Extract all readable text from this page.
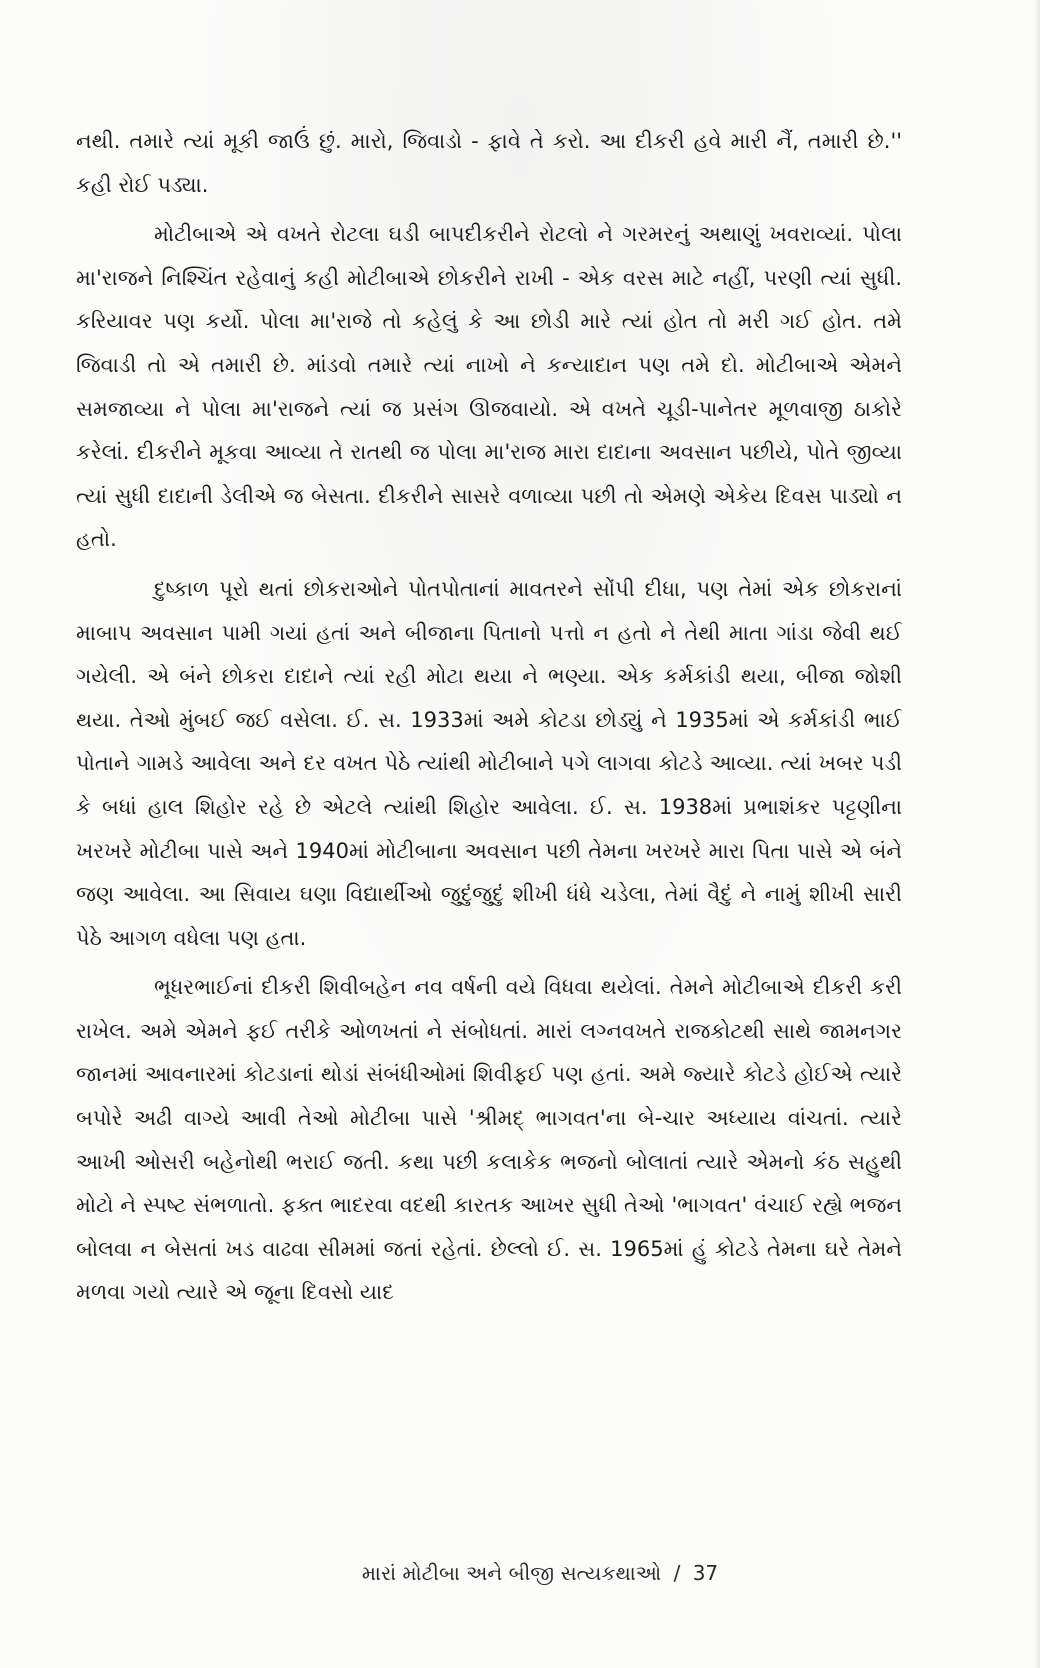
નથી. તમારે ત્યાં મૂકી જાઉં છું. મારો, જિવાડો - ફાવે તે કરો. આ દીકરી હવે મારી નૈં, તમારી છે.'' કહી રોઈ પડ્યા.

મોટીબાએ એ વખતે રોટલા ઘડી બાપદીકરીને રોટલો ને ગરમરનું અથાણું ખવરાવ્યાં. પોલા મા'રાજને નિશ્ચિંત રહેવાનું કહી મોટીબાએ છોકરીને રાખી - એક વરસ માટે નહીં, પરણી ત્યાં સુધી. કરિયાવર પણ કર્યો. પોલા મા'રાજે તો કહેલું કે આ છોડી મારે ત્યાં હોત તો મરી ગઈ હોત. તમે જિવાડી તો એ તમારી છે. માંડવો તમારે ત્યાં નાખો ને કન્યાદાન પણ તમે દો. મોટીબાએ એમને સમજાવ્યા ને પોલા મા'રાજને ત્યાં જ પ્રસંગ ઊજવાયો. એ વખતે ચૂડી-પાનેતર મૂળવાજી ઠાકોરે કરેલાં. દીકરીને મૂકવા આવ્યા તે રાતથી જ પોલા મા'રાજ મારા દાદાના અવસાન પછીયે, પોતે જીવ્યા ત્યાં સુધી દાદાની ડેલીએ જ બેસતા. દીકરીને સાસરે વળાવ્યા પછી તો એમણે એકેય દિવસ પાડ્યો ન હતો.

દુષ્કાળ પૂરો થતાં છોકરાઓને પોતપોતાનાં માવતરને સોંપી દીધા, પણ તેમાં એક છોકરાનાં માબાપ અવસાન પામી ગયાં હતાં અને બીજાના પિતાનો પત્તો ન હતો ને તેથી માતા ગાંડા જેવી થઈ ગયેલી. એ બંને છોકરા દાદાને ત્યાં રહી મોટા થયા ને ભણ્યા. એક કર્મકાંડી થયા, બીજા જોશી થયા. તેઓ મુંબઈ જઈ વસેલા. ઈ. સ. 1933માં અમે કોટડા છોડ્યું ને 1935માં એ કર્મકાંડી ભાઈ પોતાને ગામડે આવેલા અને દર વખત પેઠે ત્યાંથી મોટીબાને પગે લાગવા કોટડે આવ્યા. ત્યાં ખબર પડી કે બધાં હાલ શિહોર રહે છે એટલે ત્યાંથી શિહોર આવેલા. ઈ. સ. 1938માં પ્રભાશંકર પટ્ટણીના ખરખરે મોટીબા પાસે અને 1940માં મોટીબાના અવસાન પછી તેમના ખરખરે મારા પિતા પાસે એ બંને જણ આવેલા. આ સિવાય ઘણા વિદ્યાર્થીઓ જુદુંજુદું શીખી ધંધે ચડેલા, તેમાં વૈદું ને નામું શીખી સારી પેઠે આગળ વધેલા પણ હતા.

ભૂધરભાઈનાં દીકરી શિવીબહેન નવ વર્ષની વયે વિધવા થયેલાં. તેમને મોટીબાએ દીકરી કરી રાખેલ. અમે એમને ફઈ તરીકે ઓળખતાં ને સંબોધતાં. મારાં લગ્નવખતે રાજકોટથી સાથે જામનગર જાનમાં આવનારમાં કોટડાનાં થોડાં સંબંધીઓમાં શિવીફઈ પણ હતાં. અમે જ્યારે કોટડે હોઈએ ત્યારે બપોરે અઢી વાગ્યે આવી તેઓ મોટીબા પાસે 'શ્રીમદ્ ભાગવત'ના બે-ચાર અધ્યાય વાંચતાં. ત્યારે આખી ઓસરી બહેનોથી ભરાઈ જતી. કથા પછી કલાકેક ભજનો બોલાતાં ત્યારે એમનો કંઠ સહુથી મોટો ને સ્પષ્ટ સંભળાતો. ફક્ત ભાદરવા વદથી કારતક આખર સુધી તેઓ 'ભાગવત' વંચાઈ રહ્યે ભજન બોલવા ન બેસતાં ખડ વાઢવા સીમમાં જતાં રહેતાં. છેલ્લો ઈ. સ. 1965માં હું કોટડે તેમના ઘરે તેમને મળવા ગયો ત્યારે એ જૂના દિવસો યાદ

મારાં મોટીબા અને બીજી સત્યકથાઓ / 37
